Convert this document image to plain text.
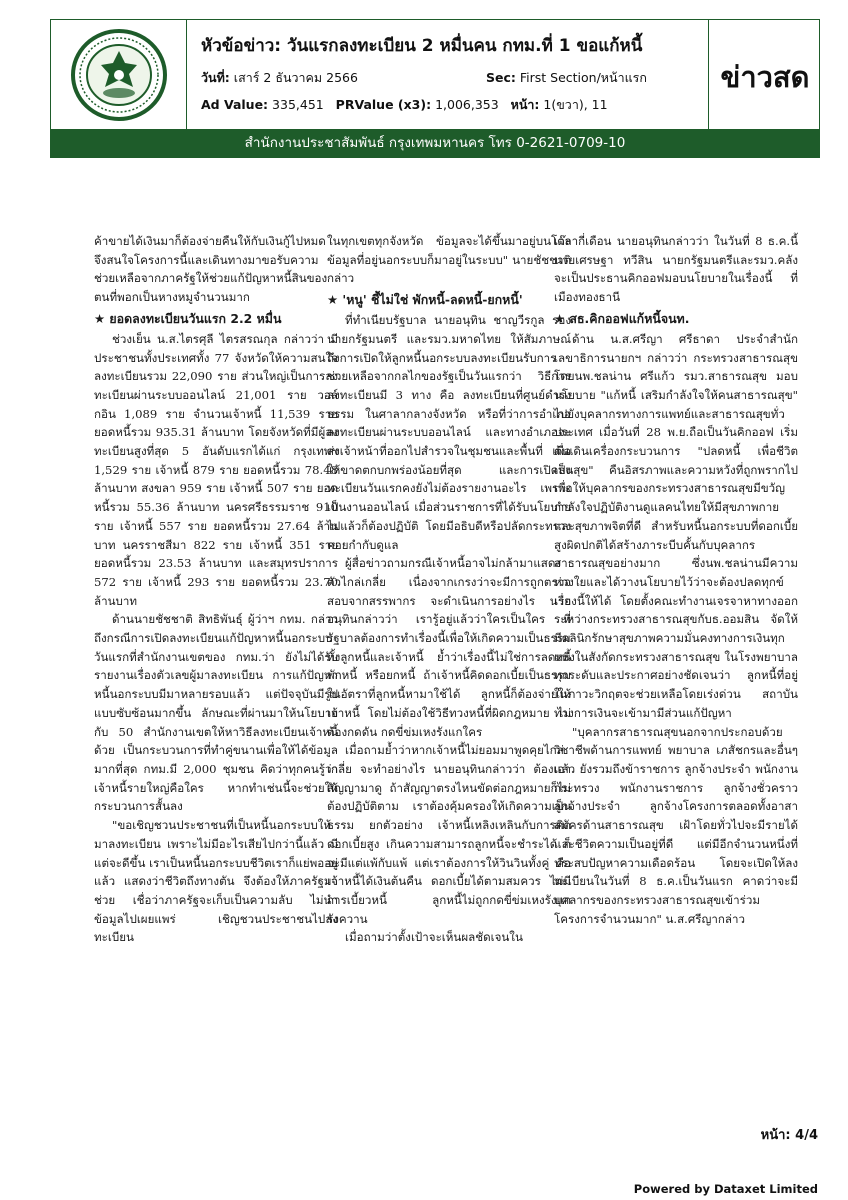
หัวข้อข่าว: วันแรกลงทะเบียน 2 หมื่นคน กทม.ที่ 1 ขอแก้หนี้
วันที่: เสาร์ 2 ธันวาคม 2566	Sec: First Section/หน้าแรก
Ad Value: 335,451 PRValue (x3): 1,006,353 หน้า: 1(ขวา), 11
ข่าวสด
สำนักงานประชาสัมพันธ์ กรุงเทพมหานคร โทร 0-2621-0709-10

ค้าขายได้เงินมาก็ต้องจ่ายคืนให้กับเงินกู้ไปหมด จึงสนใจโครงการนี้และเดินทางมาขอรับความช่วยเหลือจากภาครัฐให้ช่วยแก้ปัญหาหนี้สินของตนที่พอกเป็นหางหมูจำนวนมาก

★ ยอดลงทะเบียนวันแรก 2.2 หมื่น

ช่วงเย็น น.ส.ไตรศุลี ไตรสรณกุล กล่าวว่า มีประชาชนทั้งประเทศทั้ง 77 จังหวัดให้ความสนใจลงทะเบียนรวม 22,090 ราย ส่วนใหญ่เป็นการลงทะเบียนผ่านระบบออนไลน์ 21,001 ราย วอล์กอิน 1,089 ราย จำนวนเจ้าหนี้ 11,539 ราย ยอดหนี้รวม 935.31 ล้านบาท โดยจังหวัดที่มีผู้ลงทะเบียนสูงที่สุด 5 อันดับแรกได้แก่ กรุงเทพฯ 1,529 ราย เจ้าหนี้ 879 ราย ยอดหนี้รวม 78.48 ล้านบาท สงขลา 959 ราย เจ้าหนี้ 507 ราย ยอดหนี้รวม 55.36 ล้านบาท นครศรีธรรมราช 910 ราย เจ้าหนี้ 557 ราย ยอดหนี้รวม 27.64 ล้านบาท นครราชสีมา 822 ราย เจ้าหนี้ 351 ราย ยอดหนี้รวม 23.53 ล้านบาท และสมุทรปราการ 572 ราย เจ้าหนี้ 293 ราย ยอดหนี้รวม 23.70 ล้านบาท

ด้านนายชัชชาติ สิทธิพันธุ์ ผู้ว่าฯ กทม. กล่าวถึงกรณีการเปิดลงทะเบียนแก้ปัญหาหนี้นอกระบบวันแรกที่สำนักงานเขตของ กทม.ว่า ยังไม่ได้รับรายงานเรื่องตัวเลขผู้มาลงทะเบียน การแก้ปัญหาหนี้นอกระบบมีมาหลายรอบแล้ว แต่ปัจจุบันมีรูปแบบซับซ้อนมากขึ้น ลักษณะที่ผ่านมาให้นโยบายกับ 50 สำนักงานเขตให้หาวิธีลงทะเบียนเจ้าหนี้ด้วย เป็นกระบวนการที่ทำคู่ขนานเพื่อให้ได้ข้อมูลมากที่สุด กทม.มี 2,000 ชุมชน คิดว่าทุกคนรู้ว่าเจ้าหนี้รายใหญ่คือใคร หากทำเช่นนี้จะช่วยให้กระบวนการสั้นลง

"ขอเชิญชวนประชาชนที่เป็นหนี้นอกระบบให้มาลงทะเบียน เพราะไม่มีอะไรเสียไปกว่านี้แล้ว มีแต่จะดีขึ้น เราเป็นหนี้นอกระบบชีวิตเราก็แย่พออยู่แล้ว แสดงว่าชีวิตถึงทางตัน จึงต้องให้ภาครัฐมาช่วย เชื่อว่าภาครัฐจะเก็บเป็นความลับ ไม่นำข้อมูลไปเผยแพร่ เชิญชวนประชาชนไปลงทะเบียน

ในทุกเขตทุกจังหวัด ข้อมูลจะได้ขึ้นมาอยู่บนโต๊ะ ข้อมูลที่อยู่นอกระบบก็มาอยู่ในระบบ" นายชัชชาติกล่าว

★ 'หนู' ชี้ไม่ใช่ พักหนี้-ลดหนี้-ยกหนี้'

ที่ทำเนียบรัฐบาล นายอนุทิน ชาญวีรกูล รองนายกรัฐมนตรี และรมว.มหาดไทย ให้สัมภาษณ์ถึงการเปิดให้ลูกหนี้นอกระบบลงทะเบียนรับการช่วยเหลือจากกลไกของรัฐเป็นวันแรกว่า วิธีการลงทะเบียนมี 3 ทาง คือ ลงทะเบียนที่ศูนย์ดำรงธรรม ในศาลากลางจังหวัด หรือที่ว่าการอำเภอ ลงทะเบียนผ่านระบบออนไลน์ และทางอำเภอจะส่งเจ้าหน้าที่ออกไปสำรวจในชุมชนและพื้นที่ เพื่อให้ขาดตกบกพร่องน้อยที่สุด และการเปิดลงทะเบียนวันแรกคงยังไม่ต้องรายงานอะไร เพราะเป็นงานออนไลน์ เมื่อส่วนราชการที่ได้รับนโยบายไปแล้วก็ต้องปฏิบัติ โดยมีอธิบดีหรือปลัดกระทรวงคอยกำกับดูแล

ผู้สื่อข่าวถามกรณีเจ้าหนี้อาจไม่กล้ามาแสดงตัวไกล่เกลี่ย เนื่องจากเกรงว่าจะมีการถูกตรวจสอบจากสรรพากร จะดำเนินการอย่างไร นายอนุทินกล่าวว่า เรารู้อยู่แล้วว่าใครเป็นใคร ที่รัฐบาลต้องการทำเรื่องนี้เพื่อให้เกิดความเป็นธรรมทั้งลูกหนี้และเจ้าหนี้ ย้ำว่าเรื่องนี้ไม่ใช่การลดหนี้ พักหนี้ หรือยกหนี้ ถ้าเจ้าหนี้คิดดอกเบี้ยเป็นธรรมในอัตราที่ลูกหนี้หามาใช้ได้ ลูกหนี้ก็ต้องจ่ายให้เจ้าหนี้ โดยไม่ต้องใช้วิธีทวงหนี้ที่ผิดกฎหมาย ไม่ต้องกดดัน กดขี่ข่มเหงรังแกใคร

เมื่อถามย้ำว่าหากเจ้าหนี้ไม่ยอมมาพูดคุยไกล่เกลี่ย จะทำอย่างไร นายอนุทินกล่าวว่า ต้องเอาสัญญามาดู ถ้าสัญญาตรงไหนขัดต่อกฎหมายก็ไม่ต้องปฏิบัติตาม เราต้องคุ้มครองให้เกิดความเป็นธรรม ยกตัวอย่าง เจ้าหนี้เหลิงเหลินกับการคิดดอกเบี้ยสูง เกินความสามารถลูกหนี้จะชำระได้ ก็จะมีแต่แพ้กับแพ้ แต่เราต้องการให้วินวินทั้งคู่ คือเจ้าหนี้ได้เงินต้นคืน ดอกเบี้ยได้ตามสมควร ไม่มีการเบี้ยวหนี้ ลูกหนี้ไม่ถูกกดขี่ข่มเหงรังแก รังควาน

เมื่อถามว่าตั้งเป้าจะเห็นผลชัดเจนใน

เวลากี่เดือน นายอนุทินกล่าวว่า ในวันที่ 8 ธ.ค.นี้ นายเศรษฐา ทวีสิน นายกรัฐมนตรีและรมว.คลัง จะเป็นประธานคิกออฟมอบนโยบายในเรื่องนี้ ที่เมืองทองธานี

★ สธ.คิกออฟแก้หนี้จนท.

ด้าน น.ส.ศรีญา ศรีธาดา ประจำสำนักเลขาธิการนายกฯ กล่าวว่า กระทรวงสาธารณสุขโดยนพ.ชลน่าน ศรีแก้ว รมว.สาธารณสุข มอบนโยบาย "แก้หนี้ เสริมกำลังใจให้คนสาธารณสุข" ไปยังบุคลากรทางการแพทย์และสาธารณสุขทั่วประเทศ เมื่อวันที่ 28 พ.ย.ถือเป็นวันคิกออฟ เริ่มต้นเดินเครื่องกระบวนการ "ปลดหนี้ เพื่อชีวิตเป็นสุข" คืนอิสรภาพและความหวังที่ถูกพรากไป เพื่อให้บุคลากรของกระทรวงสาธารณสุขมีขวัญกำลังใจปฏิบัติงานดูแลคนไทยให้มีสุขภาพกายและสุขภาพจิตที่ดี สำหรับหนี้นอกระบบที่ดอกเบี้ยสูงผิดปกติได้สร้างภาระบีบคั้นกับบุคลากรสาธารณสุขอย่างมาก ซึ่งนพ.ชลน่านมีความห่วงใยและได้วางนโยบายไว้ว่าจะต้องปลดทุกข์เรื่องนี้ให้ได้ โดยตั้งคณะทำงานเจรจาหาทางออกระหว่างกระทรวงสาธารณสุขกับธ.ออมสิน จัดให้มีคลินิกรักษาสุขภาพความมั่นคงทางการเงินทุกแห่งในสังกัดกระทรวงสาธารณสุข ในโรงพยาบาลทุกระดับและประกาศอย่างชัดเจนว่า ลูกหนี้ที่อยู่ในภาวะวิกฤตจะช่วยเหลือโดยเร่งด่วน สถาบันทางการเงินจะเข้ามามีส่วนแก้ปัญหา

"บุคลากรสาธารณสุขนอกจากประกอบด้วยวิชาชีพด้านการแพทย์ พยาบาล เภสัชกรและอื่นๆ แล้ว ยังรวมถึงข้าราชการ ลูกจ้างประจำ พนักงานกระทรวง พนักงานราชการ ลูกจ้างชั่วคราว ลูกจ้างประจำ ลูกจ้างโครงการตลอดทั้งอาสาสมัครด้านสาธารณสุข เฝ้าโดยทั่วไปจะมีรายได้และชีวิตความเป็นอยู่ที่ดี แต่มีอีกจำนวนหนึ่งที่ประสบปัญหาความเดือดร้อน โดยจะเปิดให้ลงทะเบียนในวันที่ 8 ธ.ค.เป็นวันแรก คาดว่าจะมีบุคลากรของกระทรวงสาธารณสุขเข้าร่วมโครงการจำนวนมาก" น.ส.ศรีญากล่าว

หน้า: 4/4
Powered by Dataxet Limited
